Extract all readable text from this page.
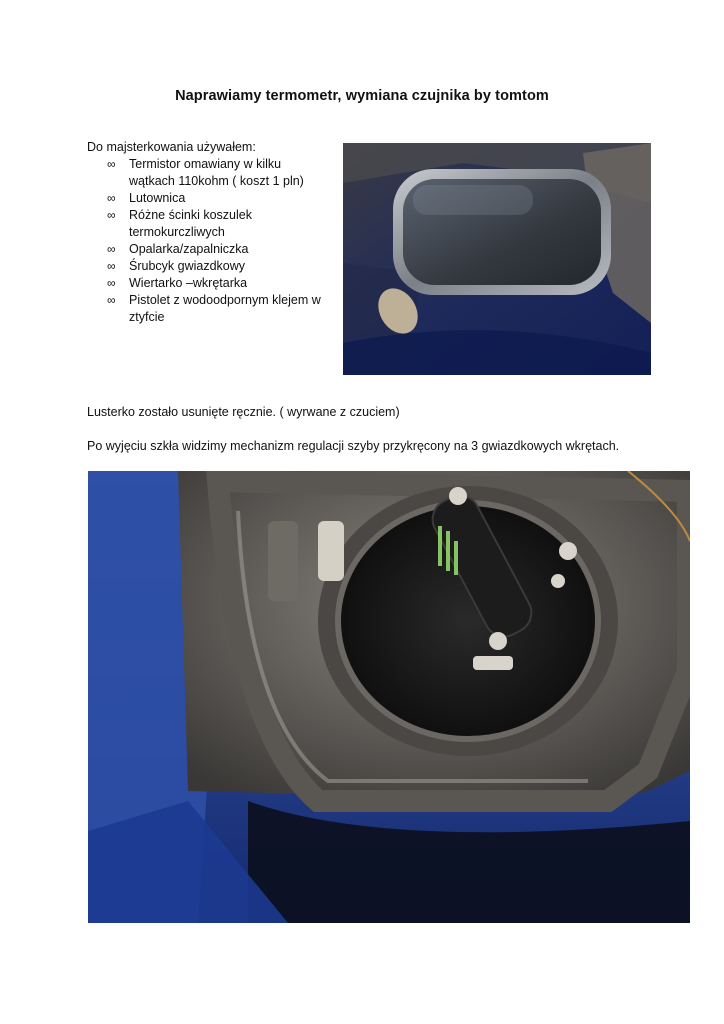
Naprawiamy termometr, wymiana czujnika by tomtom
Do majsterkowania używałem:
∞ Termistor omawiany w kilku
wątkach 110kohm ( koszt 1 pln)
∞ Lutownica
∞ Różne ścinki koszulek
termokurczliwych
∞ Opalarka/zapalniczka
∞ Śrubcyk gwiazdkowy
∞ Wiertarko –wkrętarka
∞ Pistolet z wodoodpornym klejem w
ztyfcie
Lusterko zostało usunięte ręcznie. ( wyrwane z czuciem)
Po wyjęciu szkła widzimy mechanizm regulacji szyby przykręcony na 3 gwiazdkowych wkrętach.
